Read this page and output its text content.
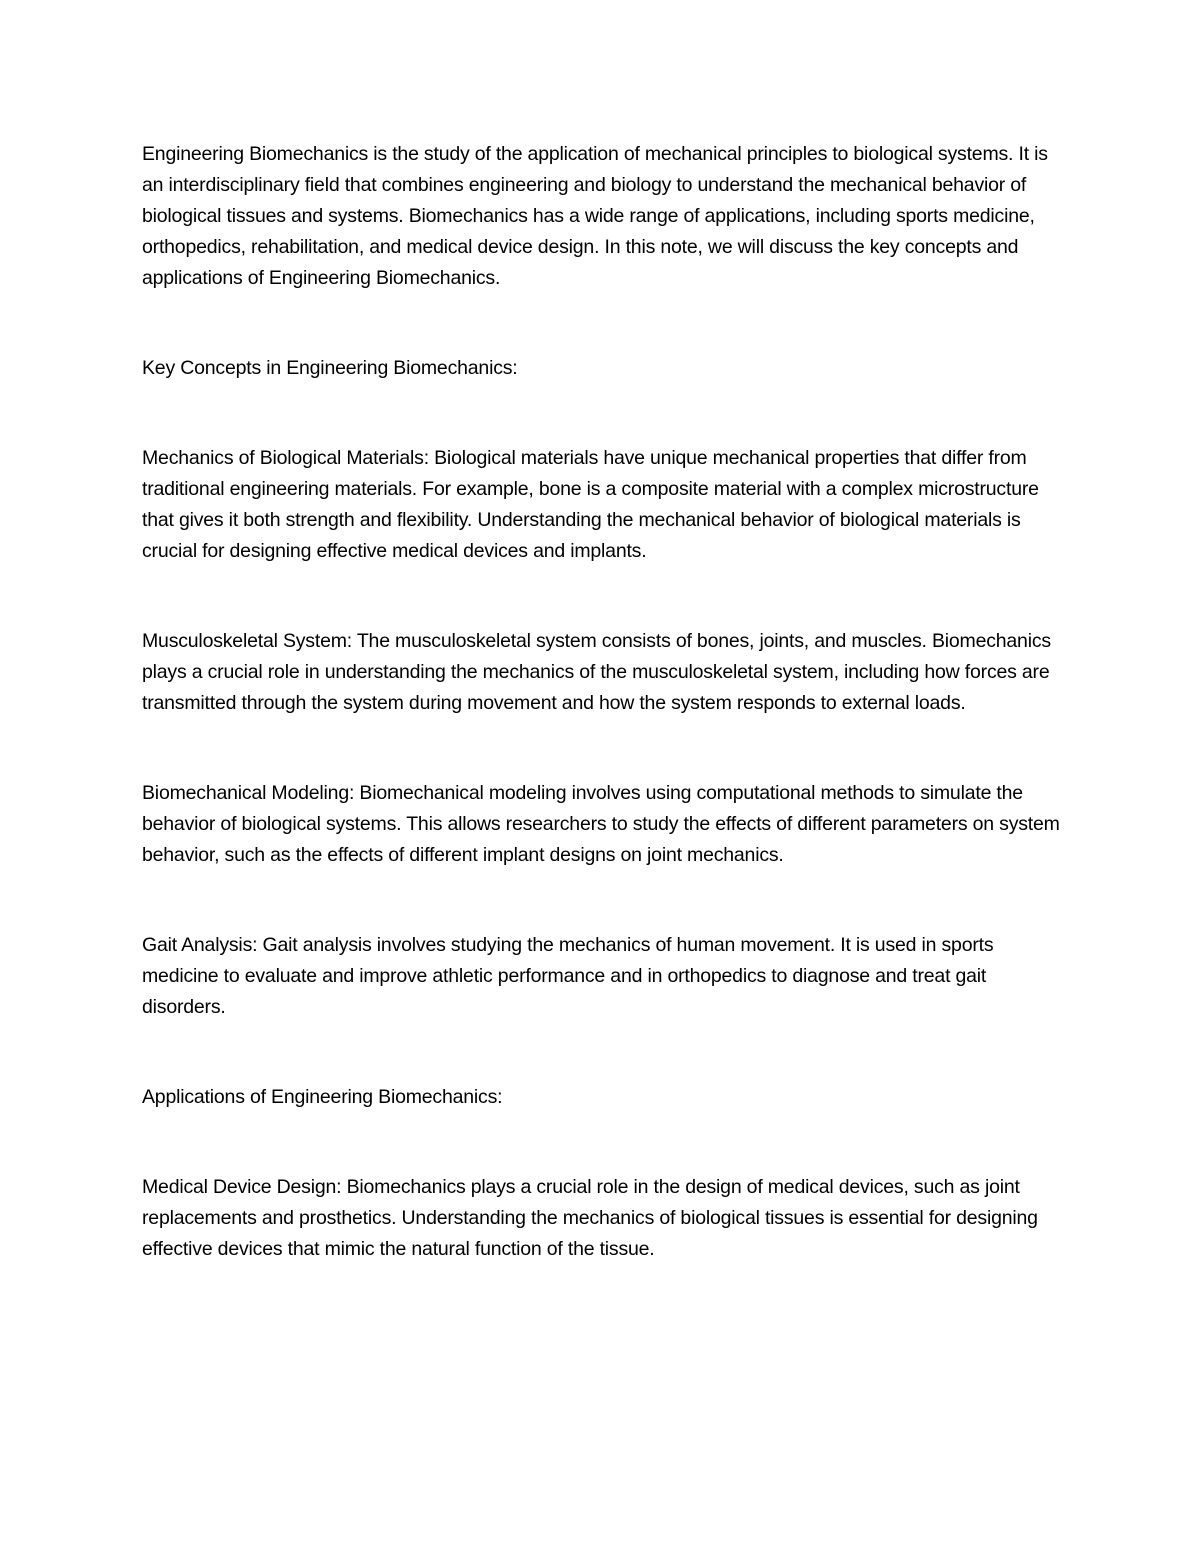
Engineering Biomechanics is the study of the application of mechanical principles to biological systems. It is an interdisciplinary field that combines engineering and biology to understand the mechanical behavior of biological tissues and systems. Biomechanics has a wide range of applications, including sports medicine, orthopedics, rehabilitation, and medical device design. In this note, we will discuss the key concepts and applications of Engineering Biomechanics.

Key Concepts in Engineering Biomechanics:

Mechanics of Biological Materials: Biological materials have unique mechanical properties that differ from traditional engineering materials. For example, bone is a composite material with a complex microstructure that gives it both strength and flexibility. Understanding the mechanical behavior of biological materials is crucial for designing effective medical devices and implants.

Musculoskeletal System: The musculoskeletal system consists of bones, joints, and muscles. Biomechanics plays a crucial role in understanding the mechanics of the musculoskeletal system, including how forces are transmitted through the system during movement and how the system responds to external loads.

Biomechanical Modeling: Biomechanical modeling involves using computational methods to simulate the behavior of biological systems. This allows researchers to study the effects of different parameters on system behavior, such as the effects of different implant designs on joint mechanics.

Gait Analysis: Gait analysis involves studying the mechanics of human movement. It is used in sports medicine to evaluate and improve athletic performance and in orthopedics to diagnose and treat gait disorders.

Applications of Engineering Biomechanics:

Medical Device Design: Biomechanics plays a crucial role in the design of medical devices, such as joint replacements and prosthetics. Understanding the mechanics of biological tissues is essential for designing effective devices that mimic the natural function of the tissue.
